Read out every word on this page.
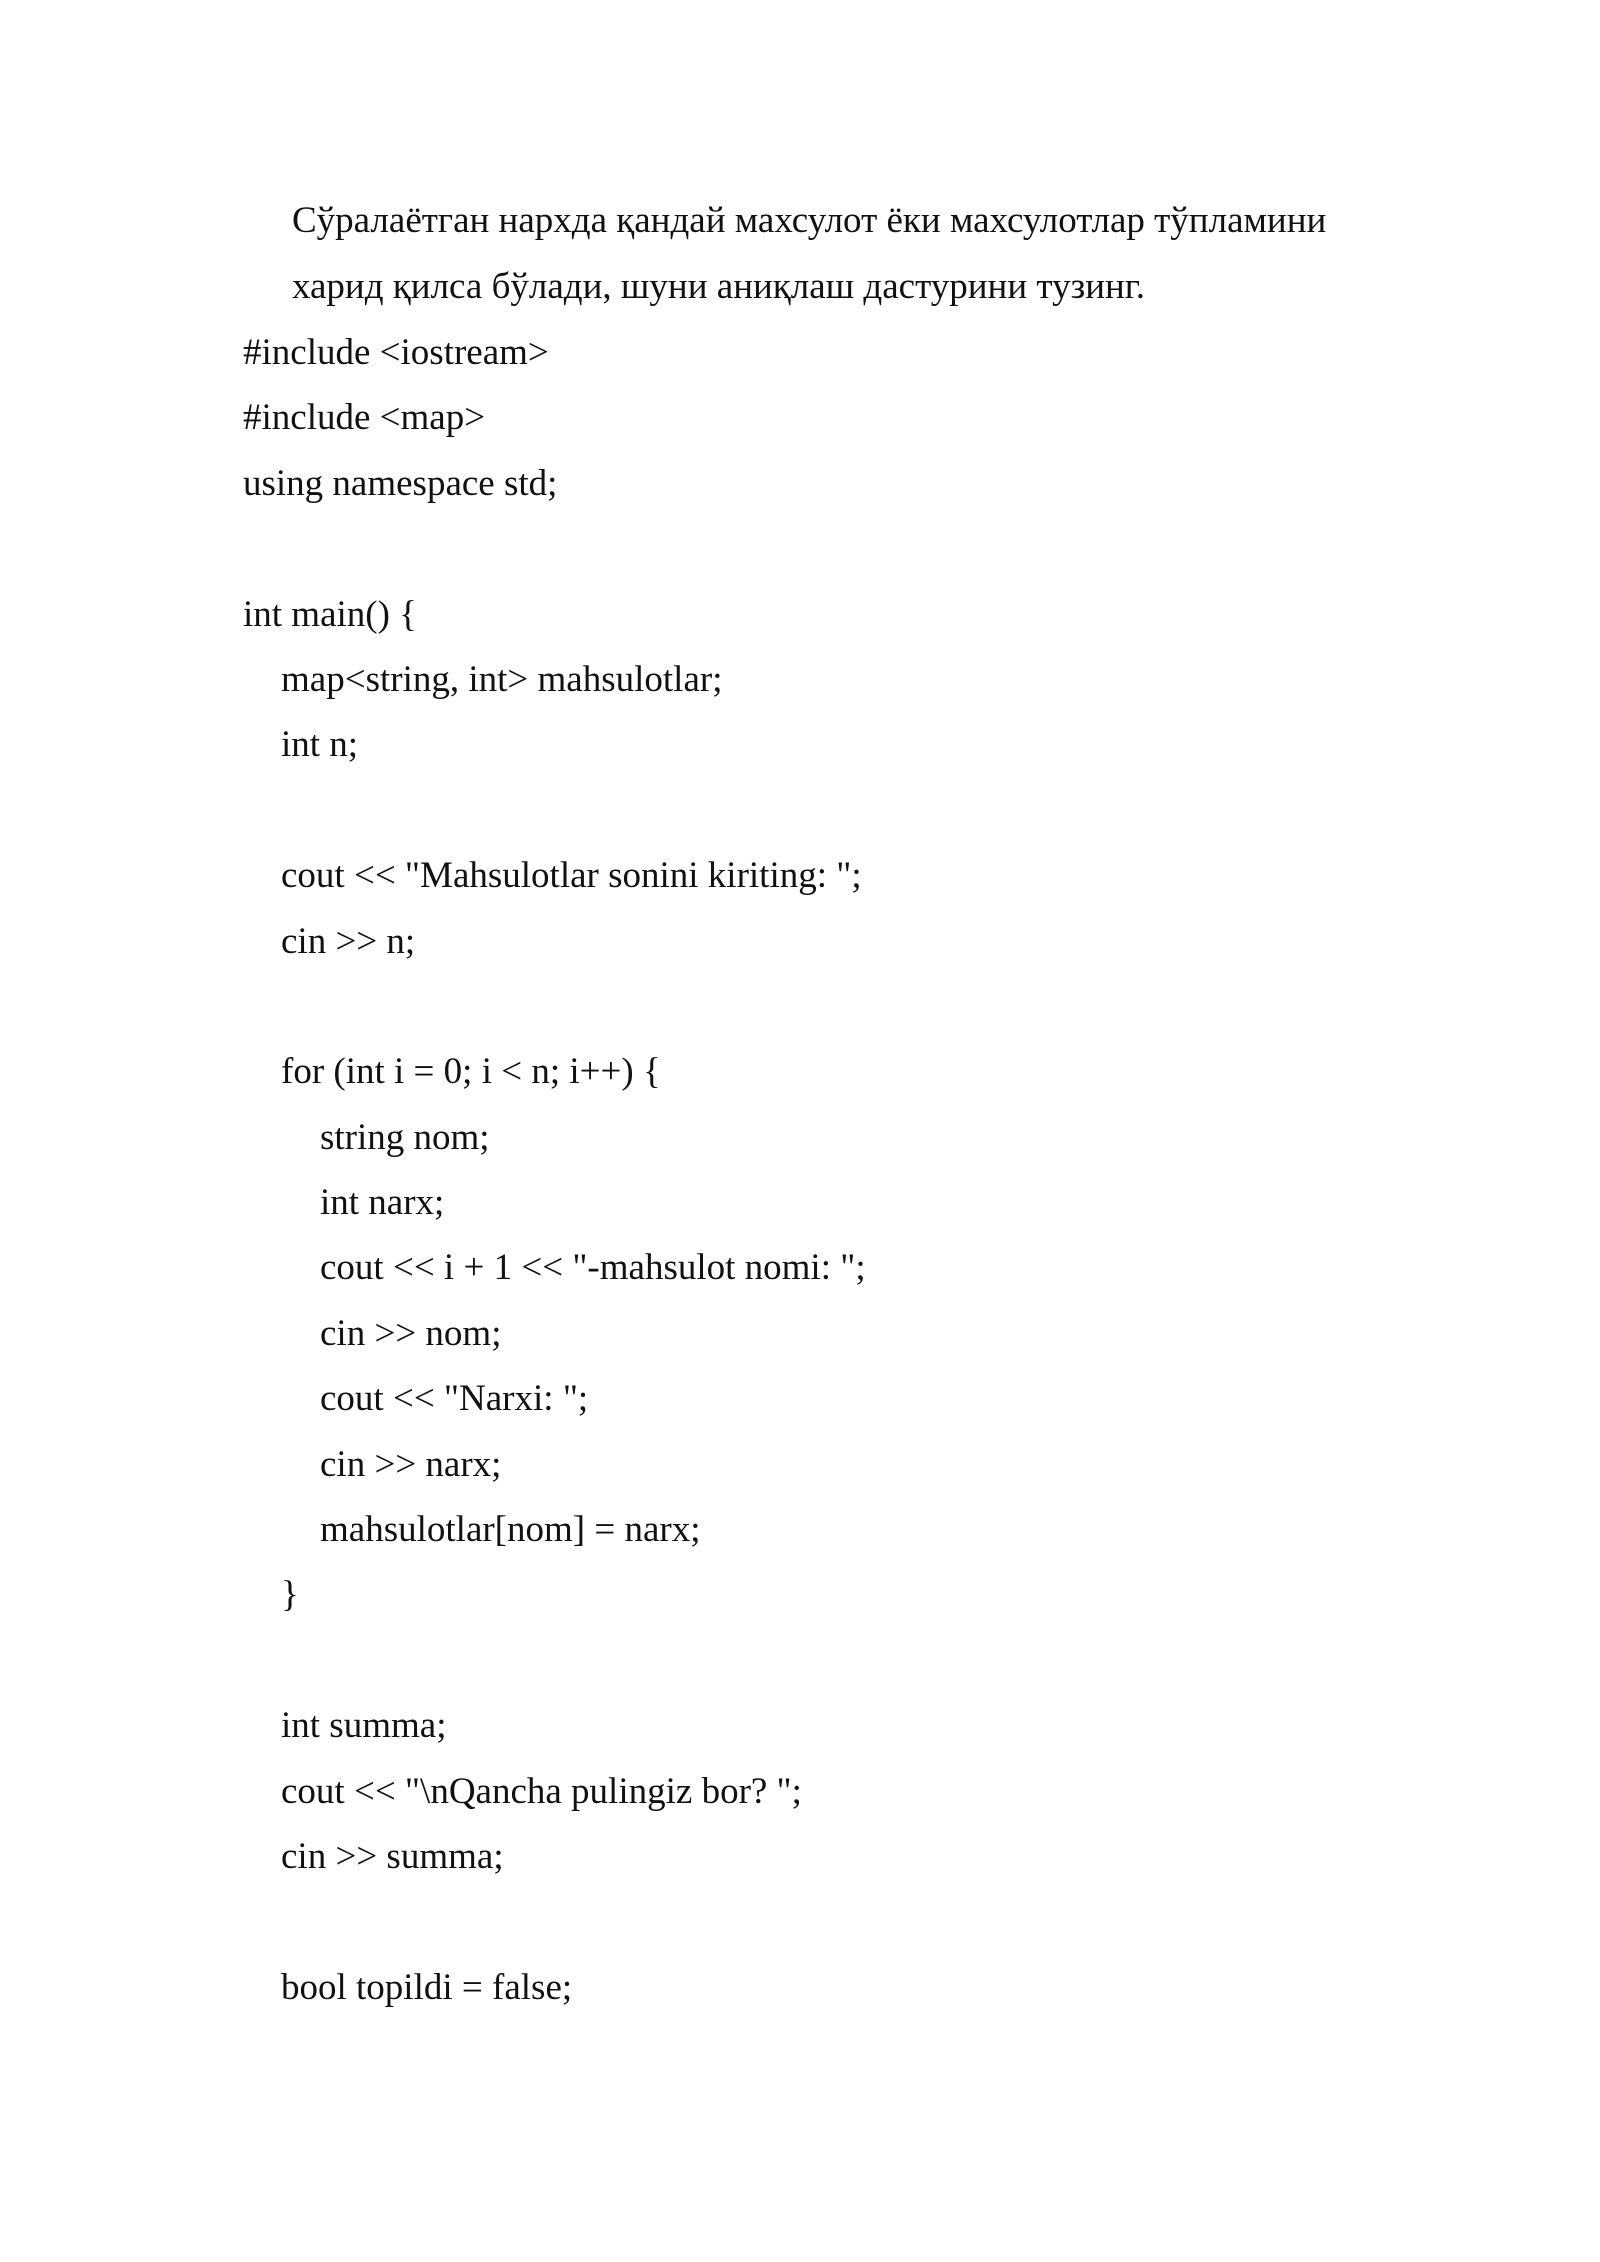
Сўралаётган нархда қандай махсулот ёки махсулотлар тўпламини
харид қилса бўлади, шуни аниқлаш дастурини тузинг.
#include <iostream>
#include <map>
using namespace std;
int main() {
map<string, int> mahsulotlar;
int n;
cout << "Mahsulotlar sonini kiriting: ";
cin >> n;
for (int i = 0; i < n; i++) {
string nom;
int narx;
cout << i + 1 << "-mahsulot nomi: ";
cin >> nom;
cout << "Narxi: ";
cin >> narx;
mahsulotlar[nom] = narx;
}
int summa;
cout << "\nQancha pulingiz bor? ";
cin >> summa;
bool topildi = false;
